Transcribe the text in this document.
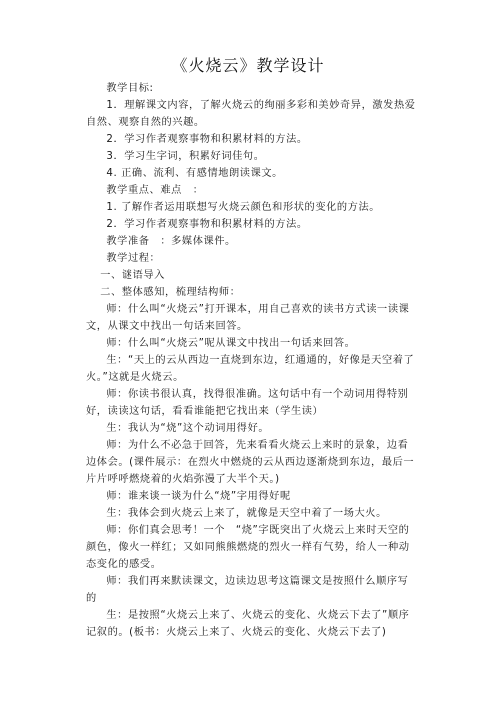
《火烧云》教学设计

教学目标:

1．理解课文内容，了解火烧云的绚丽多彩和美妙奇异，激发热爱自然、观察自然的兴趣。

2．学习作者观察事物和积累材料的方法。

3．学习生字词，积累好词佳句。

4. 正确、流利、有感情地朗读课文。

教学重点、难点　：

1. 了解作者运用联想写火烧云颜色和形状的变化的方法。

2．学习作者观察事物和积累材料的方法。

教学准备　：多媒体课件。

教学过程：

一、谜语导入

二、整体感知，梳理结构师：

师：什么叫“火烧云”打开课本，用自己喜欢的读书方式读一读课文，从课文中找出一句话来回答。

师：什么叫“火烧云”呢从课文中找出一句话来回答。

生：“天上的云从西边一直烧到东边，红通通的，好像是天空着了火。”这就是火烧云。

师：你读书很认真，找得很准确。这句话中有一个动词用得特别好，读读这句话，看看谁能把它找出来（学生读）

生：我认为“烧”这个动词用得好。

师：为什么不必急于回答，先来看看火烧云上来时的景象，边看边体会。(课件展示：在烈火中燃烧的云从西边逐渐烧到东边，最后一片片呼呼燃烧着的火焰弥漫了大半个天。)

师：谁来谈一谈为什么“烧”字用得好呢

生：我体会到火烧云上来了，就像是天空中着了一场大火。

师：你们真会思考！一个　“烧”字既突出了火烧云上来时天空的颜色，像火一样红；又如同熊熊燃烧的烈火一样有气势，给人一种动态变化的感受。

师：我们再来默读课文，边读边思考这篇课文是按照什么顺序写的

生：是按照“火烧云上来了、火烧云的变化、火烧云下去了”顺序记叙的。(板书：火烧云上来了、火烧云的变化、火烧云下去了)
